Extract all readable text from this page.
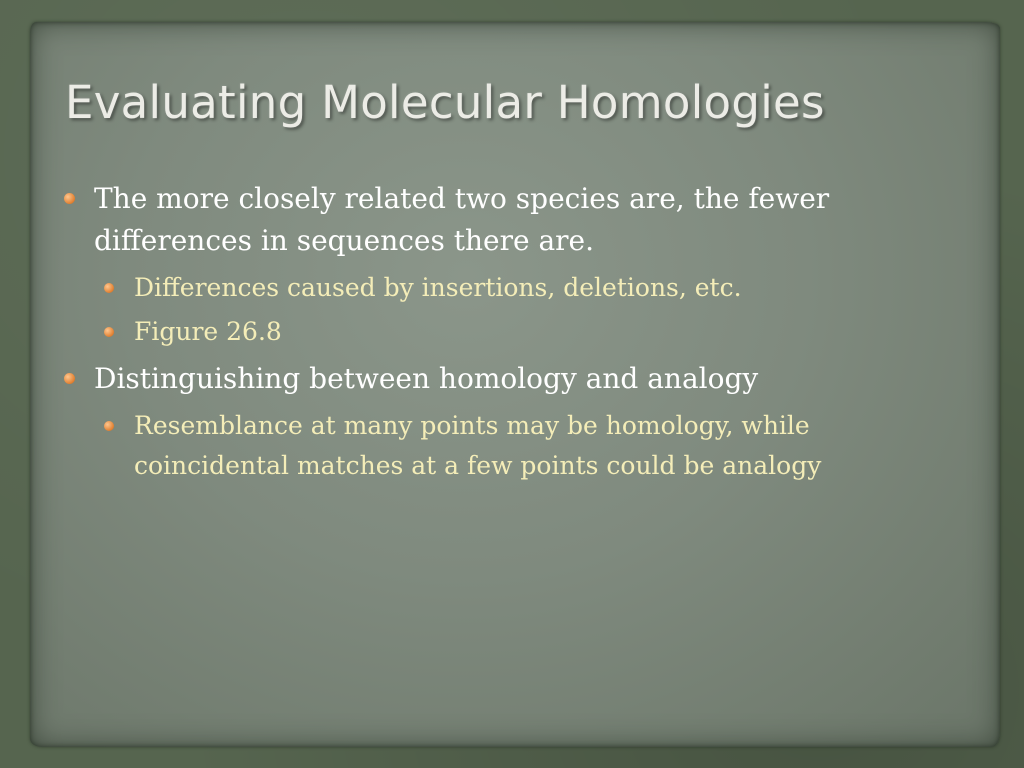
Evaluating Molecular Homologies
The more closely related two species are, the fewer differences in sequences there are.
Differences caused by insertions, deletions, etc.
Figure 26.8
Distinguishing between homology and analogy
Resemblance at many points may be homology, while coincidental matches at a few points could be analogy
